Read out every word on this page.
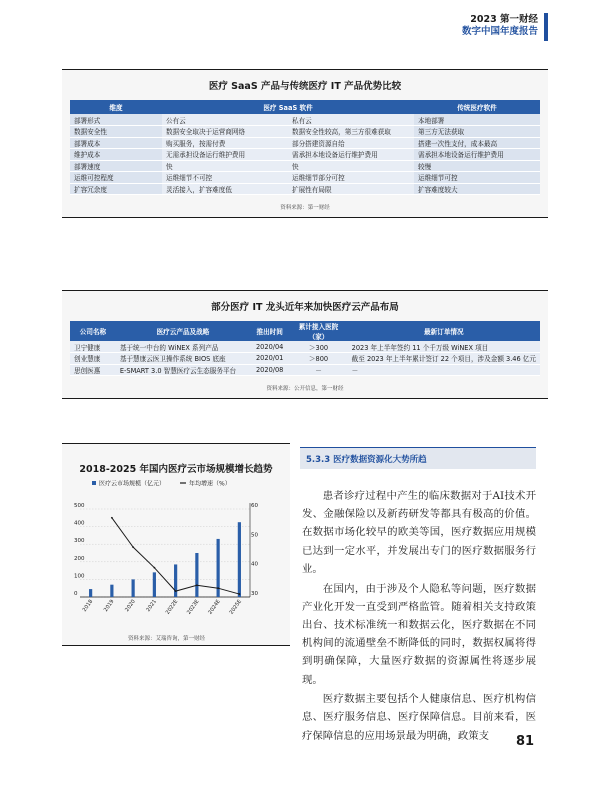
2023 第一财经
数字中国年度报告
医疗 SaaS 产品与传统医疗 IT 产品优势比较
维度	医疗 SaaS 软件		传统医疗软件
部署形式	公有云	私有云	本地部署
数据安全性	数据安全取决于运营商网络	数据安全性较高，第三方很难获取	第三方无法获取
部署成本	购买服务，按需付费	部分搭建资源自给	搭建一次性支付，成本最高
维护成本	无需承担设备运行维护费用	需承担本地设备运行维护费用	需承担本地设备运行维护费用
部署速度	快	快	较慢
运维可控程度	运维细节不可控	运维细节部分可控	运维细节可控
扩容冗余度	灵活接入，扩容难度低	扩展性有局限	扩容难度较大
资料来源：第一财经
部分医疗 IT 龙头近年来加快医疗云产品布局
公司名称	医疗云产品及战略	推出时间	累计接入医院（家）	最新订单情况
卫宁健康	基于统一中台的 WiNEX 系列产品	2020/04	＞300	2023 年上半年签约 11 个千万级 WiNEX 项目
创业慧康	基于慧康云医卫操作系统 BIOS 底座	2020/01	＞800	截至 2023 年上半年累计签订 22 个项目，涉及金额 3.46 亿元
思创医惠	E-SMART 3.0 智慧医疗云生态服务平台	2020/08	－	－
资料来源：公开信息，第一财经
2018-2025 年国内医疗云市场规模增长趋势
医疗云市场规模（亿元）	年均增速（%）
0
100
200
300
400
500
30
40
50
60
2018 2019 2020 2021 2022E 2023E 2024E 2025E
资料来源：艾瑞咨询，第一财经
5.3.3 医疗数据资源化大势所趋

患者诊疗过程中产生的临床数据对于AI技术开发、金融保险以及新药研发等都具有极高的价值。在数据市场化较早的欧美等国，医疗数据应用规模已达到一定水平，并发展出专门的医疗数据服务行业。

在国内，由于涉及个人隐私等问题，医疗数据产业化开发一直受到严格监管。随着相关支持政策出台、技术标准统一和数据云化，医疗数据在不同机构间的流通壁垒不断降低的同时，数据权属将得到明确保障，大量医疗数据的资源属性将逐步展现。

医疗数据主要包括个人健康信息、医疗机构信息、医疗服务信息、医疗保障信息。目前来看，医疗保障信息的应用场景最为明确，政策支	81
